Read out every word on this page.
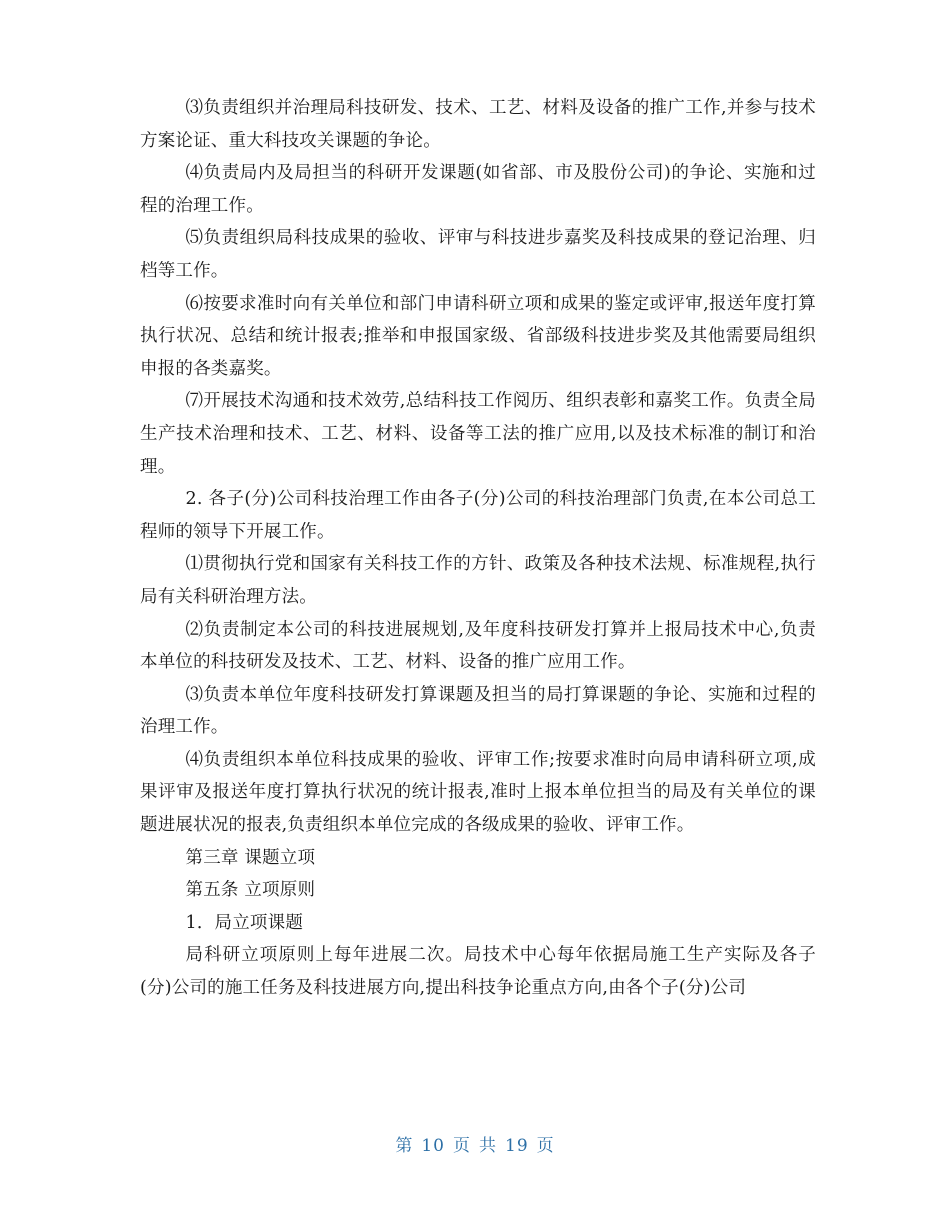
⑶负责组织并治理局科技研发、技术、工艺、材料及设备的推广工作,并参与技术方案论证、重大科技攻关课题的争论。

⑷负责局内及局担当的科研开发课题(如省部、市及股份公司)的争论、实施和过程的治理工作。

⑸负责组织局科技成果的验收、评审与科技进步嘉奖及科技成果的登记治理、归档等工作。

⑹按要求准时向有关单位和部门申请科研立项和成果的鉴定或评审,报送年度打算执行状况、总结和统计报表;推举和申报国家级、省部级科技进步奖及其他需要局组织申报的各类嘉奖。

⑺开展技术沟通和技术效劳,总结科技工作阅历、组织表彰和嘉奖工作。负责全局生产技术治理和技术、工艺、材料、设备等工法的推广应用,以及技术标准的制订和治理。

2. 各子(分)公司科技治理工作由各子(分)公司的科技治理部门负责,在本公司总工程师的领导下开展工作。

⑴贯彻执行党和国家有关科技工作的方针、政策及各种技术法规、标准规程,执行局有关科研治理方法。

⑵负责制定本公司的科技进展规划,及年度科技研发打算并上报局技术中心,负责本单位的科技研发及技术、工艺、材料、设备的推广应用工作。

⑶负责本单位年度科技研发打算课题及担当的局打算课题的争论、实施和过程的治理工作。

⑷负责组织本单位科技成果的验收、评审工作;按要求准时向局申请科研立项,成果评审及报送年度打算执行状况的统计报表,准时上报本单位担当的局及有关单位的课题进展状况的报表,负责组织本单位完成的各级成果的验收、评审工作。

第三章 课题立项

第五条 立项原则

1．局立项课题

局科研立项原则上每年进展二次。局技术中心每年依据局施工生产实际及各子(分)公司的施工任务及科技进展方向,提出科技争论重点方向,由各个子(分)公司

第 10 页 共 19 页
